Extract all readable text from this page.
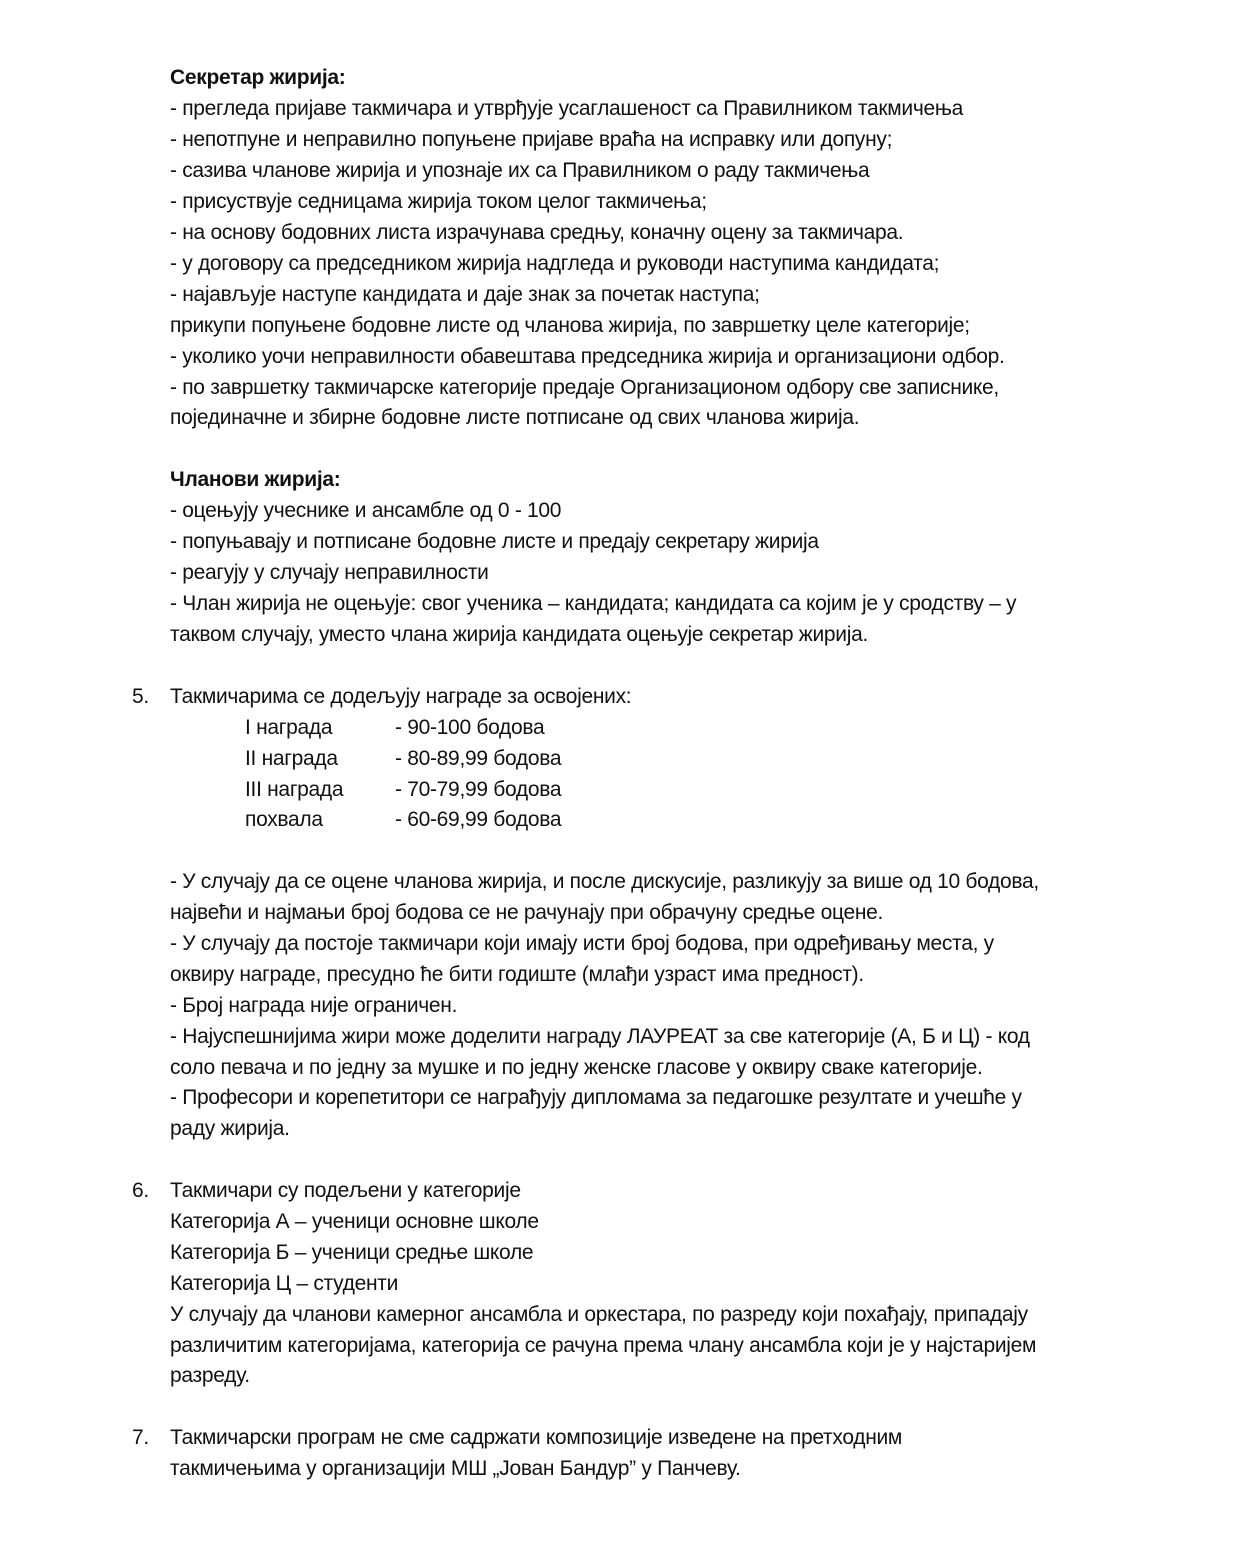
Секретар жирија:
- прегледа пријаве такмичара и утврђује усаглашеност са Правилником такмичења
- непотпуне и неправилно попуњене пријаве враћа на исправку или допуну;
- сазива чланове жирија и упознаје их са Правилником о раду такмичења
- присуствује седницама жирија током целог такмичења;
- на основу бодовних листа израчунава средњу, коначну оцену за такмичара.
- у договору са председником жирија надгледа и руководи наступима кандидата;
- најављује наступе кандидата и даје знак за почетак наступа;
прикупи попуњене бодовне листе од чланова жирија, по завршетку целе категорије;
- уколико уочи неправилности обавештава председника жирија и организациони одбор.
- по завршетку такмичарске категорије предаје Организационом одбору све записнике,
појединачне и збирне бодовне листе потписане од свих чланова жирија.
Чланови жирија:
- оцењују учеснике и ансамбле од 0 - 100
- попуњавају и потписане бодовне листе и предају секретару жирија
- реагују у случају неправилности
- Члан жирија не оцењује: свог ученика – кандидата; кандидата са којим је у сродству – у
таквом случају, уместо члана жирија кандидата оцењује секретар жирија.
5. Такмичарима се додељују награде за освојених:
I награда	- 90-100 бодова
II награда	- 80-89,99 бодова
III награда - 70-79,99 бодова
похвала	- 60-69,99 бодова
- У случају да се оцене чланова жирија, и после дискусије, разликују за више од 10 бодова,
највећи и најмањи број бодова се не рачунају при обрачуну средње оцене.
- У случају да постоје такмичари који имају исти број бодова, при одређивању места, у
оквиру награде, пресудно ће бити годиште (млађи узраст има предност).
- Број награда није ограничен.
- Најуспешнијима жири може доделити награду ЛАУРЕАТ за све категорије (А, Б и Ц) - код
соло певача и по једну за мушке и по једну женске гласове у оквиру сваке категорије.
- Професори и корепетитори се награђују дипломама за педагошке резултате и учешће у
раду жирија.
6. Такмичари су подељени у категорије
Категорија А – ученици основне школе
Категорија Б – ученици средње школе
Категорија Ц – студенти
У случају да чланови камерног ансамбла и оркестара, по разреду који похађају, припадају
различитим категоријама, категорија се рачуна према члану ансамбла који је у најстаријем
разреду.
7. Такмичарски програм не сме садржати композиције изведене на претходним
такмичењима у организацији МШ „Јован Бандур” у Панчеву.
